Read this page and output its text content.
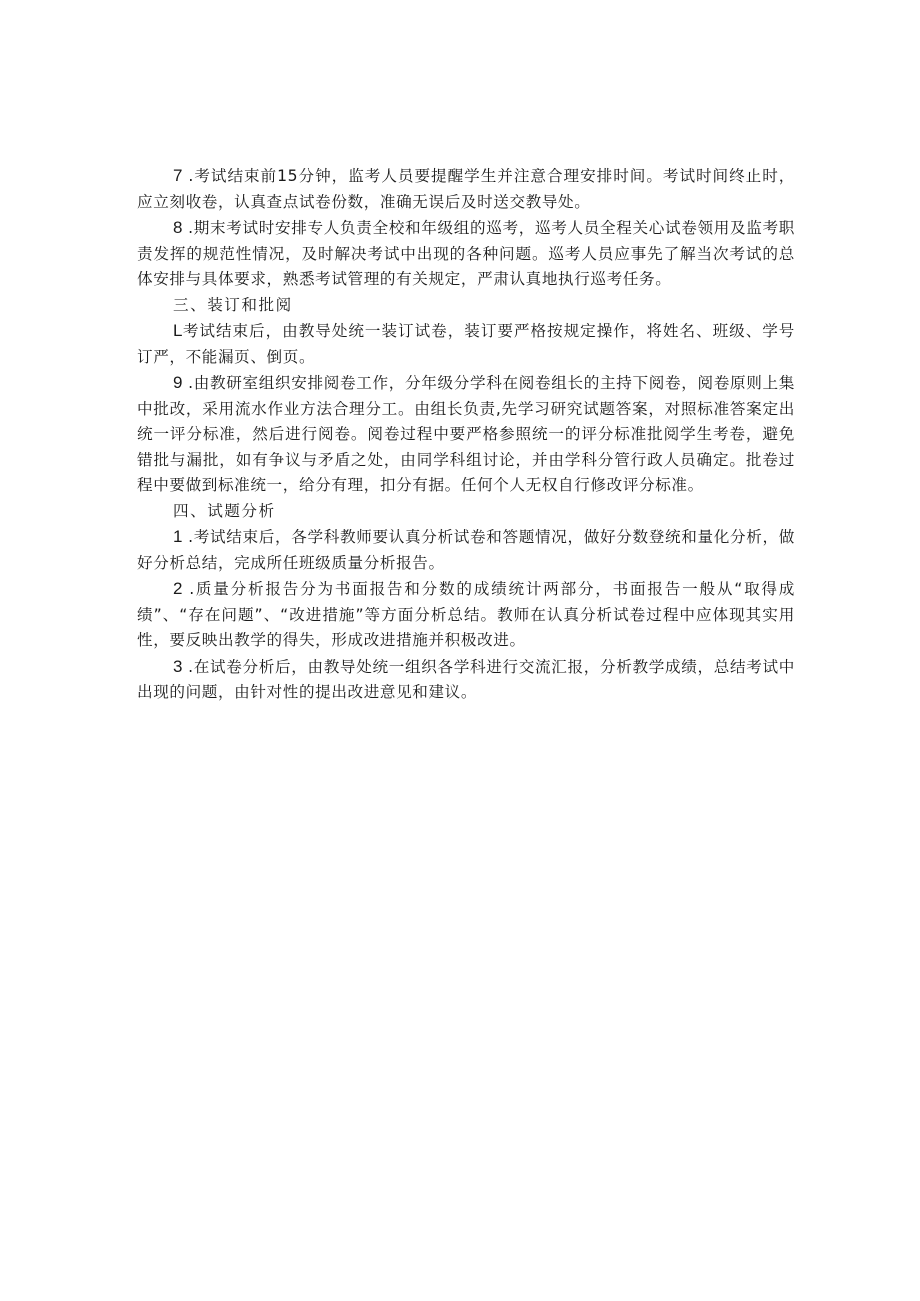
7 .考试结束前15分钟，监考人员要提醒学生并注意合理安排时间。考试时间终止时，应立刻收卷，认真查点试卷份数，准确无误后及时送交教导处。

8 .期末考试时安排专人负责全校和年级组的巡考，巡考人员全程关心试卷领用及监考职责发挥的规范性情况，及时解决考试中出现的各种问题。巡考人员应事先了解当次考试的总体安排与具体要求，熟悉考试管理的有关规定，严肃认真地执行巡考任务。

三、装订和批阅

L考试结束后，由教导处统一装订试卷，装订要严格按规定操作，将姓名、班级、学号订严，不能漏页、倒页。

9 .由教研室组织安排阅卷工作，分年级分学科在阅卷组长的主持下阅卷，阅卷原则上集中批改，采用流水作业方法合理分工。由组长负责,先学习研究试题答案，对照标准答案定出统一评分标准，然后进行阅卷。阅卷过程中要严格参照统一的评分标准批阅学生考卷，避免错批与漏批，如有争议与矛盾之处，由同学科组讨论，并由学科分管行政人员确定。批卷过程中要做到标准统一，给分有理，扣分有据。任何个人无权自行修改评分标准。

四、试题分析

1 .考试结束后，各学科教师要认真分析试卷和答题情况，做好分数登统和量化分析，做好分析总结，完成所任班级质量分析报告。

2 .质量分析报告分为书面报告和分数的成绩统计两部分，书面报告一般从“取得成绩”、“存在问题”、“改进措施”等方面分析总结。教师在认真分析试卷过程中应体现其实用性，要反映出教学的得失，形成改进措施并积极改进。

3 .在试卷分析后，由教导处统一组织各学科进行交流汇报，分析教学成绩，总结考试中出现的问题，由针对性的提出改进意见和建议。
